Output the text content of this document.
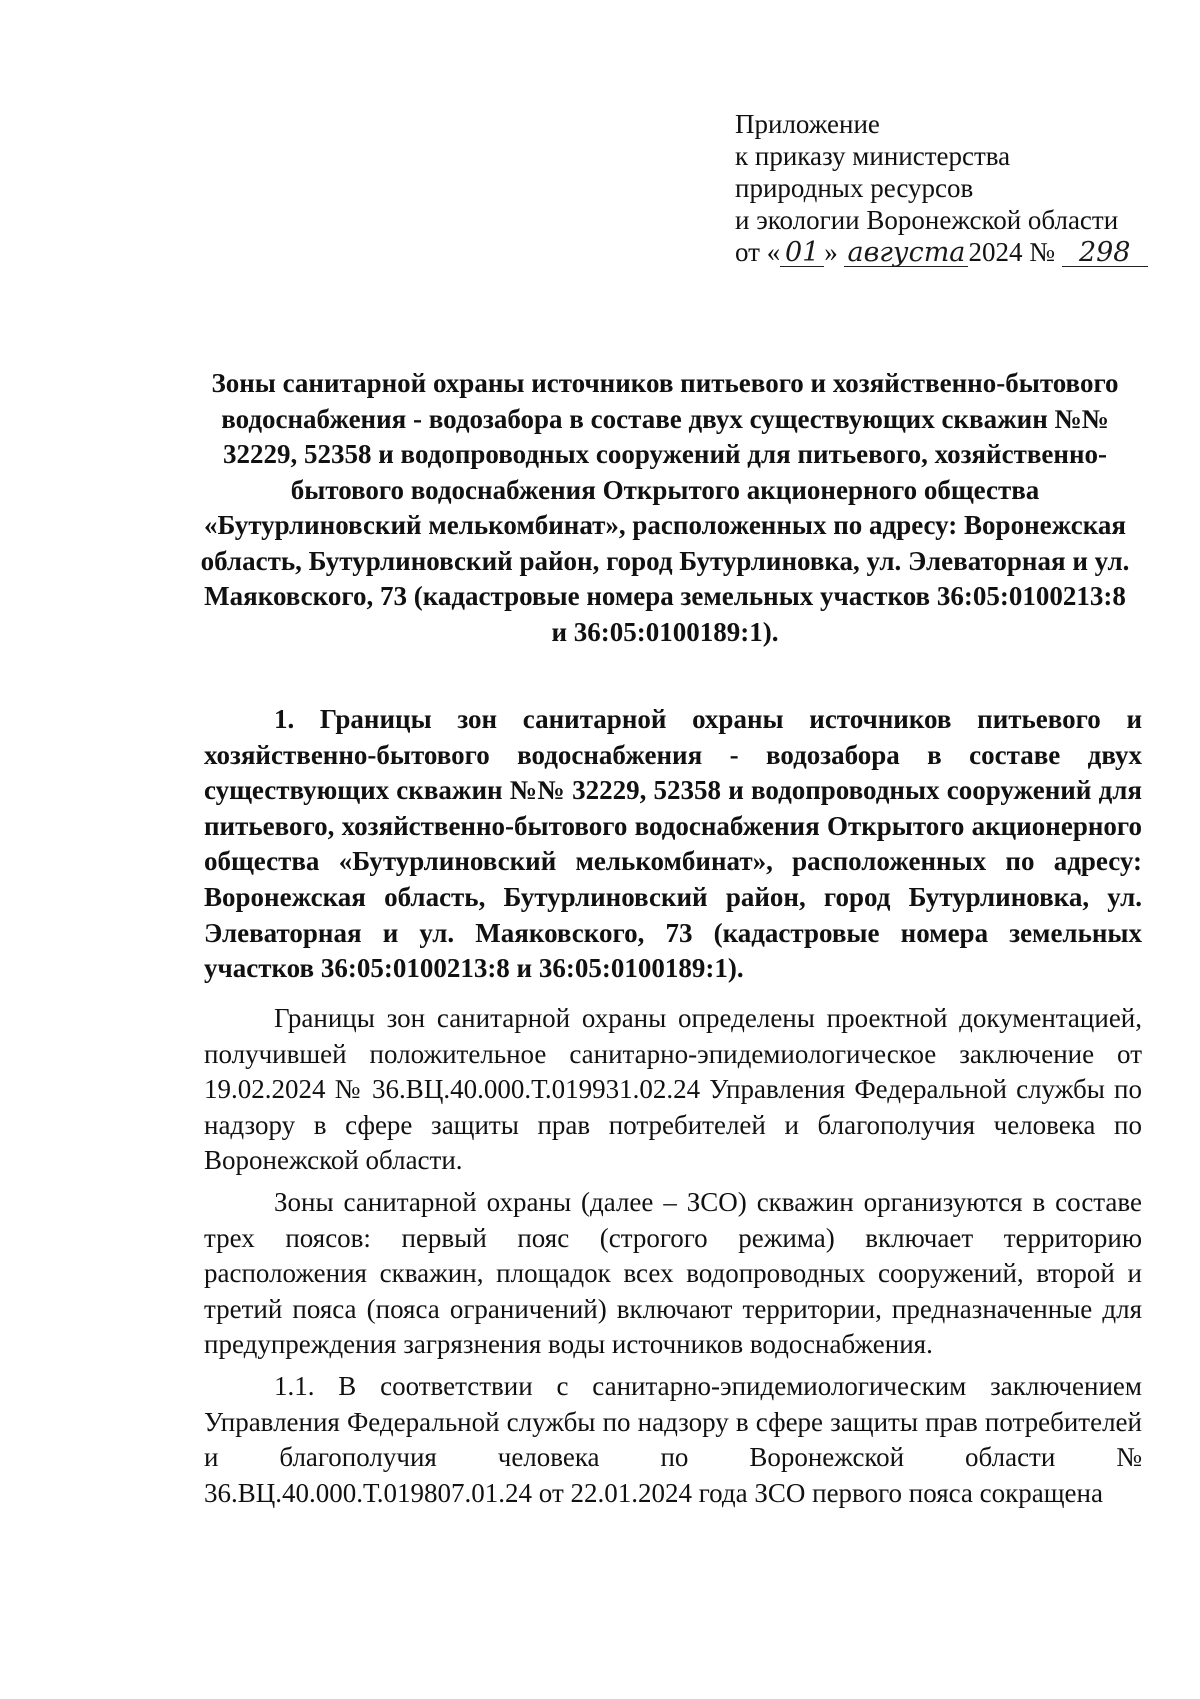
Приложение
к приказу министерства
природных ресурсов
и экологии Воронежской области
от « 01 » августа 2024 № 298
Зоны санитарной охраны источников питьевого и хозяйственно-бытового водоснабжения - водозабора в составе двух существующих скважин №№ 32229, 52358 и водопроводных сооружений для питьевого, хозяйственно-бытового водоснабжения Открытого акционерного общества «Бутурлиновский мелькомбинат», расположенных по адресу: Воронежская область, Бутурлиновский район, город Бутурлиновка, ул. Элеваторная и ул. Маяковского, 73 (кадастровые номера земельных участков 36:05:0100213:8 и 36:05:0100189:1).

1. Границы зон санитарной охраны источников питьевого и хозяйственно-бытового водоснабжения - водозабора в составе двух существующих скважин №№ 32229, 52358 и водопроводных сооружений для питьевого, хозяйственно-бытового водоснабжения Открытого акционерного общества «Бутурлиновский мелькомбинат», расположенных по адресу: Воронежская область, Бутурлиновский район, город Бутурлиновка, ул. Элеваторная и ул. Маяковского, 73 (кадастровые номера земельных участков 36:05:0100213:8 и 36:05:0100189:1).

Границы зон санитарной охраны определены проектной документацией, получившей положительное санитарно-эпидемиологическое заключение от 19.02.2024 № 36.ВЦ.40.000.Т.019931.02.24 Управления Федеральной службы по надзору в сфере защиты прав потребителей и благополучия человека по Воронежской области.

Зоны санитарной охраны (далее – ЗСО) скважин организуются в составе трех поясов: первый пояс (строгого режима) включает территорию расположения скважин, площадок всех водопроводных сооружений, второй и третий пояса (пояса ограничений) включают территории, предназначенные для предупреждения загрязнения воды источников водоснабжения.

1.1. В соответствии с санитарно-эпидемиологическим заключением Управления Федеральной службы по надзору в сфере защиты прав потребителей и благополучия человека по Воронежской области № 36.ВЦ.40.000.Т.019807.01.24 от 22.01.2024 года ЗСО первого пояса сокращена
